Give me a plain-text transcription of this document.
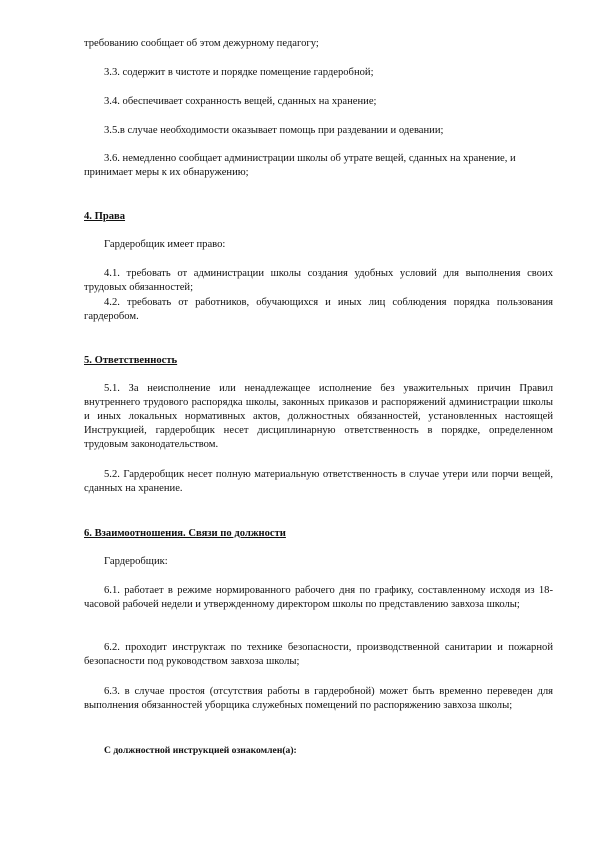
требованию сообщает об этом дежурному педагогу;

3.3. содержит в чистоте и порядке помещение гардеробной;

3.4. обеспечивает сохранность вещей, сданных на хранение;

3.5.в случае необходимости оказывает помощь при раздевании и одевании;

3.6. немедленно сообщает администрации школы об утрате вещей, сданных на хранение, и принимает меры к их обнаружению;

4. Права

Гардеробщик имеет право:

4.1. требовать от администрации школы создания удобных условий для выполнения своих трудовых обязанностей;

4.2. требовать от работников, обучающихся и иных лиц соблюдения порядка пользования гардеробом.

5. Ответственность

5.1. За неисполнение или ненадлежащее исполнение без уважительных причин Правил внутреннего трудового распорядка школы, законных приказов и распоряжений администрации школы и иных локальных нормативных актов, должностных обязанностей, установленных настоящей Инструкцией, гардеробщик несет дисциплинарную ответственность в порядке, определенном трудовым законодательством.

5.2. Гардеробщик несет полную материальную ответственность в случае утери или порчи вещей, сданных на хранение.

6. Взаимоотношения. Связи по должности

Гардеробщик:

6.1. работает в режиме нормированного рабочего дня по графику, составленному исходя из 18-часовой рабочей недели и утвержденному директором школы по представлению завхоза школы;

6.2. проходит инструктаж по технике безопасности, производственной санитарии и пожарной безопасности под руководством завхоза школы;

6.3. в случае простоя (отсутствия работы в гардеробной) может быть временно переведен для выполнения обязанностей уборщика служебных помещений по распоряжению завхоза школы;

С должностной инструкцией ознакомлен(а):
